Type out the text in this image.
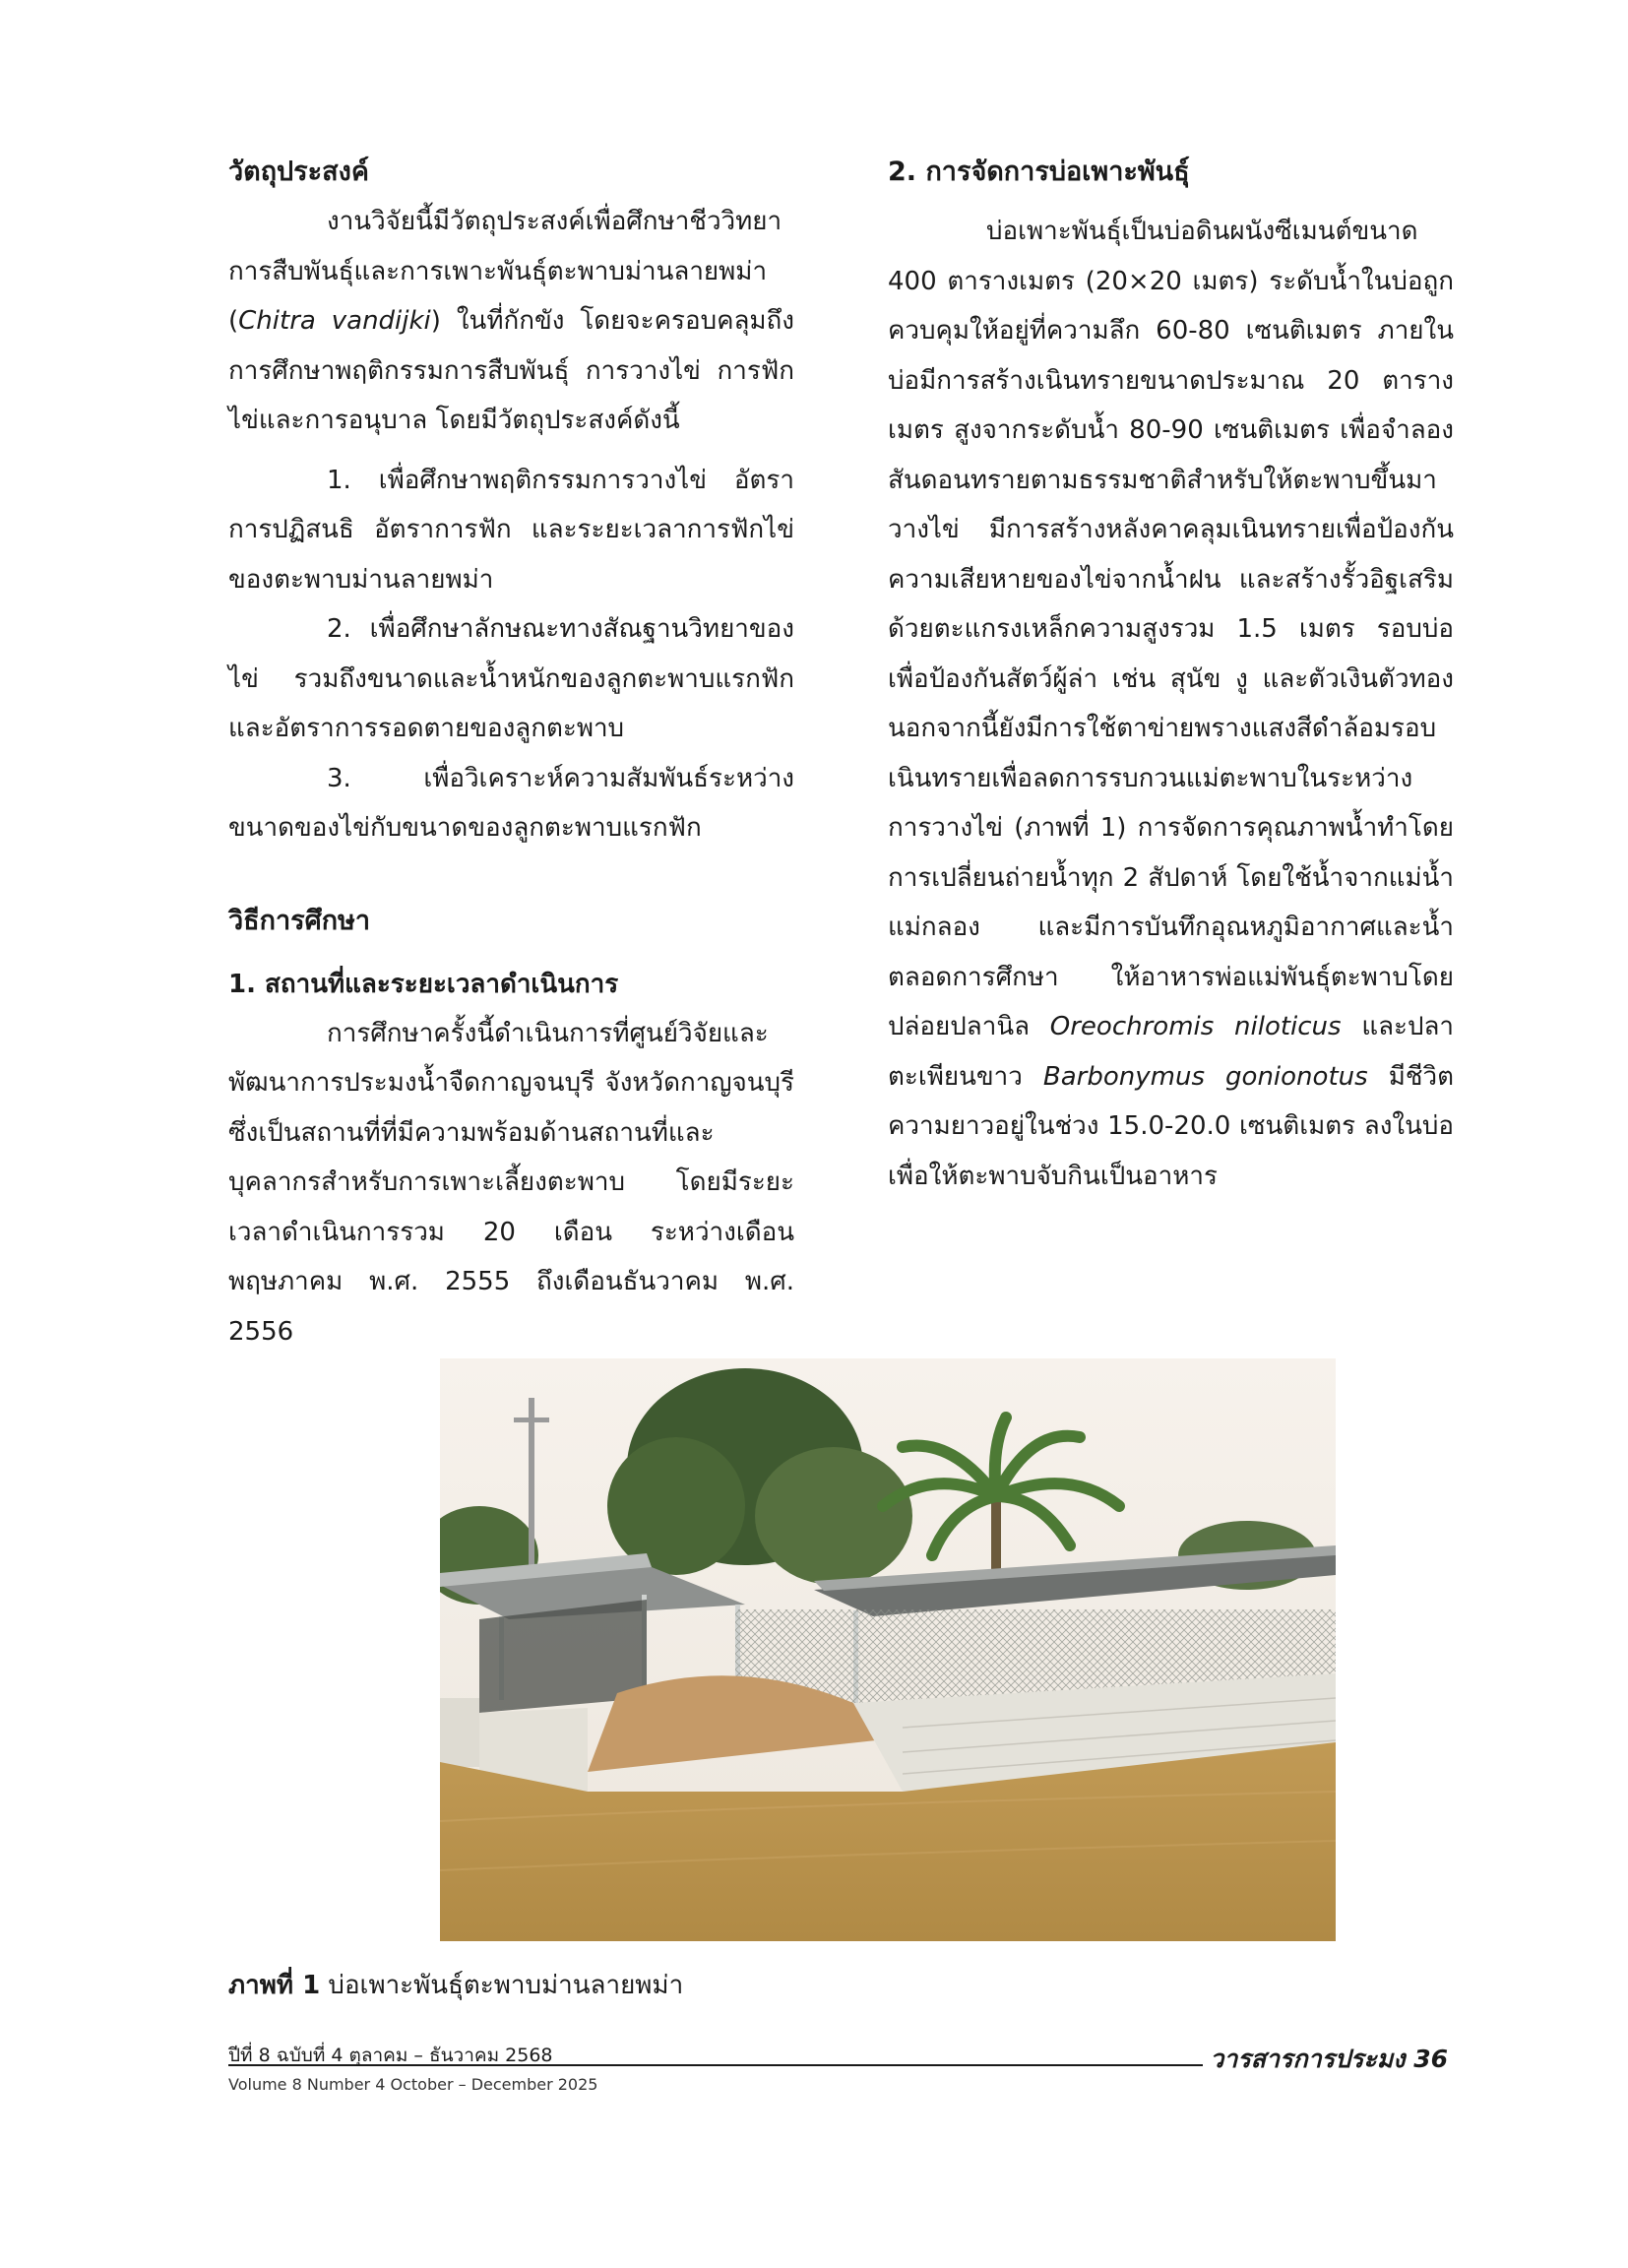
วัตถุประสงค์

งานวิจัยนี้มีวัตถุประสงค์เพื่อศึกษาชีววิทยาการสืบพันธุ์และการเพาะพันธุ์ตะพาบม่านลายพม่า (Chitra vandijki) ในที่กักขัง โดยจะครอบคลุมถึงการศึกษาพฤติกรรมการสืบพันธุ์ การวางไข่ การฟักไข่และการอนุบาล โดยมีวัตถุประสงค์ดังนี้

1. เพื่อศึกษาพฤติกรรมการวางไข่ อัตราการปฏิสนธิ อัตราการฟัก และระยะเวลาการฟักไข่ของตะพาบม่านลายพม่า

2. เพื่อศึกษาลักษณะทางสัณฐานวิทยาของไข่ รวมถึงขนาดและน้ำหนักของลูกตะพาบแรกฟัก และอัตราการรอดตายของลูกตะพาบ

3. เพื่อวิเคราะห์ความสัมพันธ์ระหว่างขนาดของไข่กับขนาดของลูกตะพาบแรกฟัก

วิธีการศึกษา
1. สถานที่และระยะเวลาดำเนินการ

การศึกษาครั้งนี้ดำเนินการที่ศูนย์วิจัยและพัฒนาการประมงน้ำจืดกาญจนบุรี จังหวัดกาญจนบุรี ซึ่งเป็นสถานที่ที่มีความพร้อมด้านสถานที่และบุคลากรสำหรับการเพาะเลี้ยงตะพาบ โดยมีระยะเวลาดำเนินการรวม 20 เดือน ระหว่างเดือนพฤษภาคม พ.ศ. 2555 ถึงเดือนธันวาคม พ.ศ. 2556

2. การจัดการบ่อเพาะพันธุ์

บ่อเพาะพันธุ์เป็นบ่อดินผนังซีเมนต์ขนาด 400 ตารางเมตร (20×20 เมตร) ระดับน้ำในบ่อถูกควบคุมให้อยู่ที่ความลึก 60-80 เซนติเมตร ภายในบ่อมีการสร้างเนินทรายขนาดประมาณ 20 ตารางเมตร สูงจากระดับน้ำ 80-90 เซนติเมตร เพื่อจำลองสันดอนทรายตามธรรมชาติสำหรับให้ตะพาบขึ้นมาวางไข่ มีการสร้างหลังคาคลุมเนินทรายเพื่อป้องกันความเสียหายของไข่จากน้ำฝน และสร้างรั้วอิฐเสริมด้วยตะแกรงเหล็กความสูงรวม 1.5 เมตร รอบบ่อเพื่อป้องกันสัตว์ผู้ล่า เช่น สุนัข งู และตัวเงินตัวทอง นอกจากนี้ยังมีการใช้ตาข่ายพรางแสงสีดำล้อมรอบเนินทรายเพื่อลดการรบกวนแม่ตะพาบในระหว่างการวางไข่ (ภาพที่ 1) การจัดการคุณภาพน้ำทำโดยการเปลี่ยนถ่ายน้ำทุก 2 สัปดาห์ โดยใช้น้ำจากแม่น้ำแม่กลอง และมีการบันทึกอุณหภูมิอากาศและน้ำตลอดการศึกษา ให้อาหารพ่อแม่พันธุ์ตะพาบโดยปล่อยปลานิล Oreochromis niloticus และปลาตะเพียนขาว Barbonymus gonionotus มีชีวิต ความยาวอยู่ในช่วง 15.0-20.0 เซนติเมตร ลงในบ่อเพื่อให้ตะพาบจับกินเป็นอาหาร

ภาพที่ 1 บ่อเพาะพันธุ์ตะพาบม่านลายพม่า
ปีที่ 8 ฉบับที่ 4 ตุลาคม – ธันวาคม 2568
Volume 8 Number 4 October – December 2025
วารสารการประมง 36
